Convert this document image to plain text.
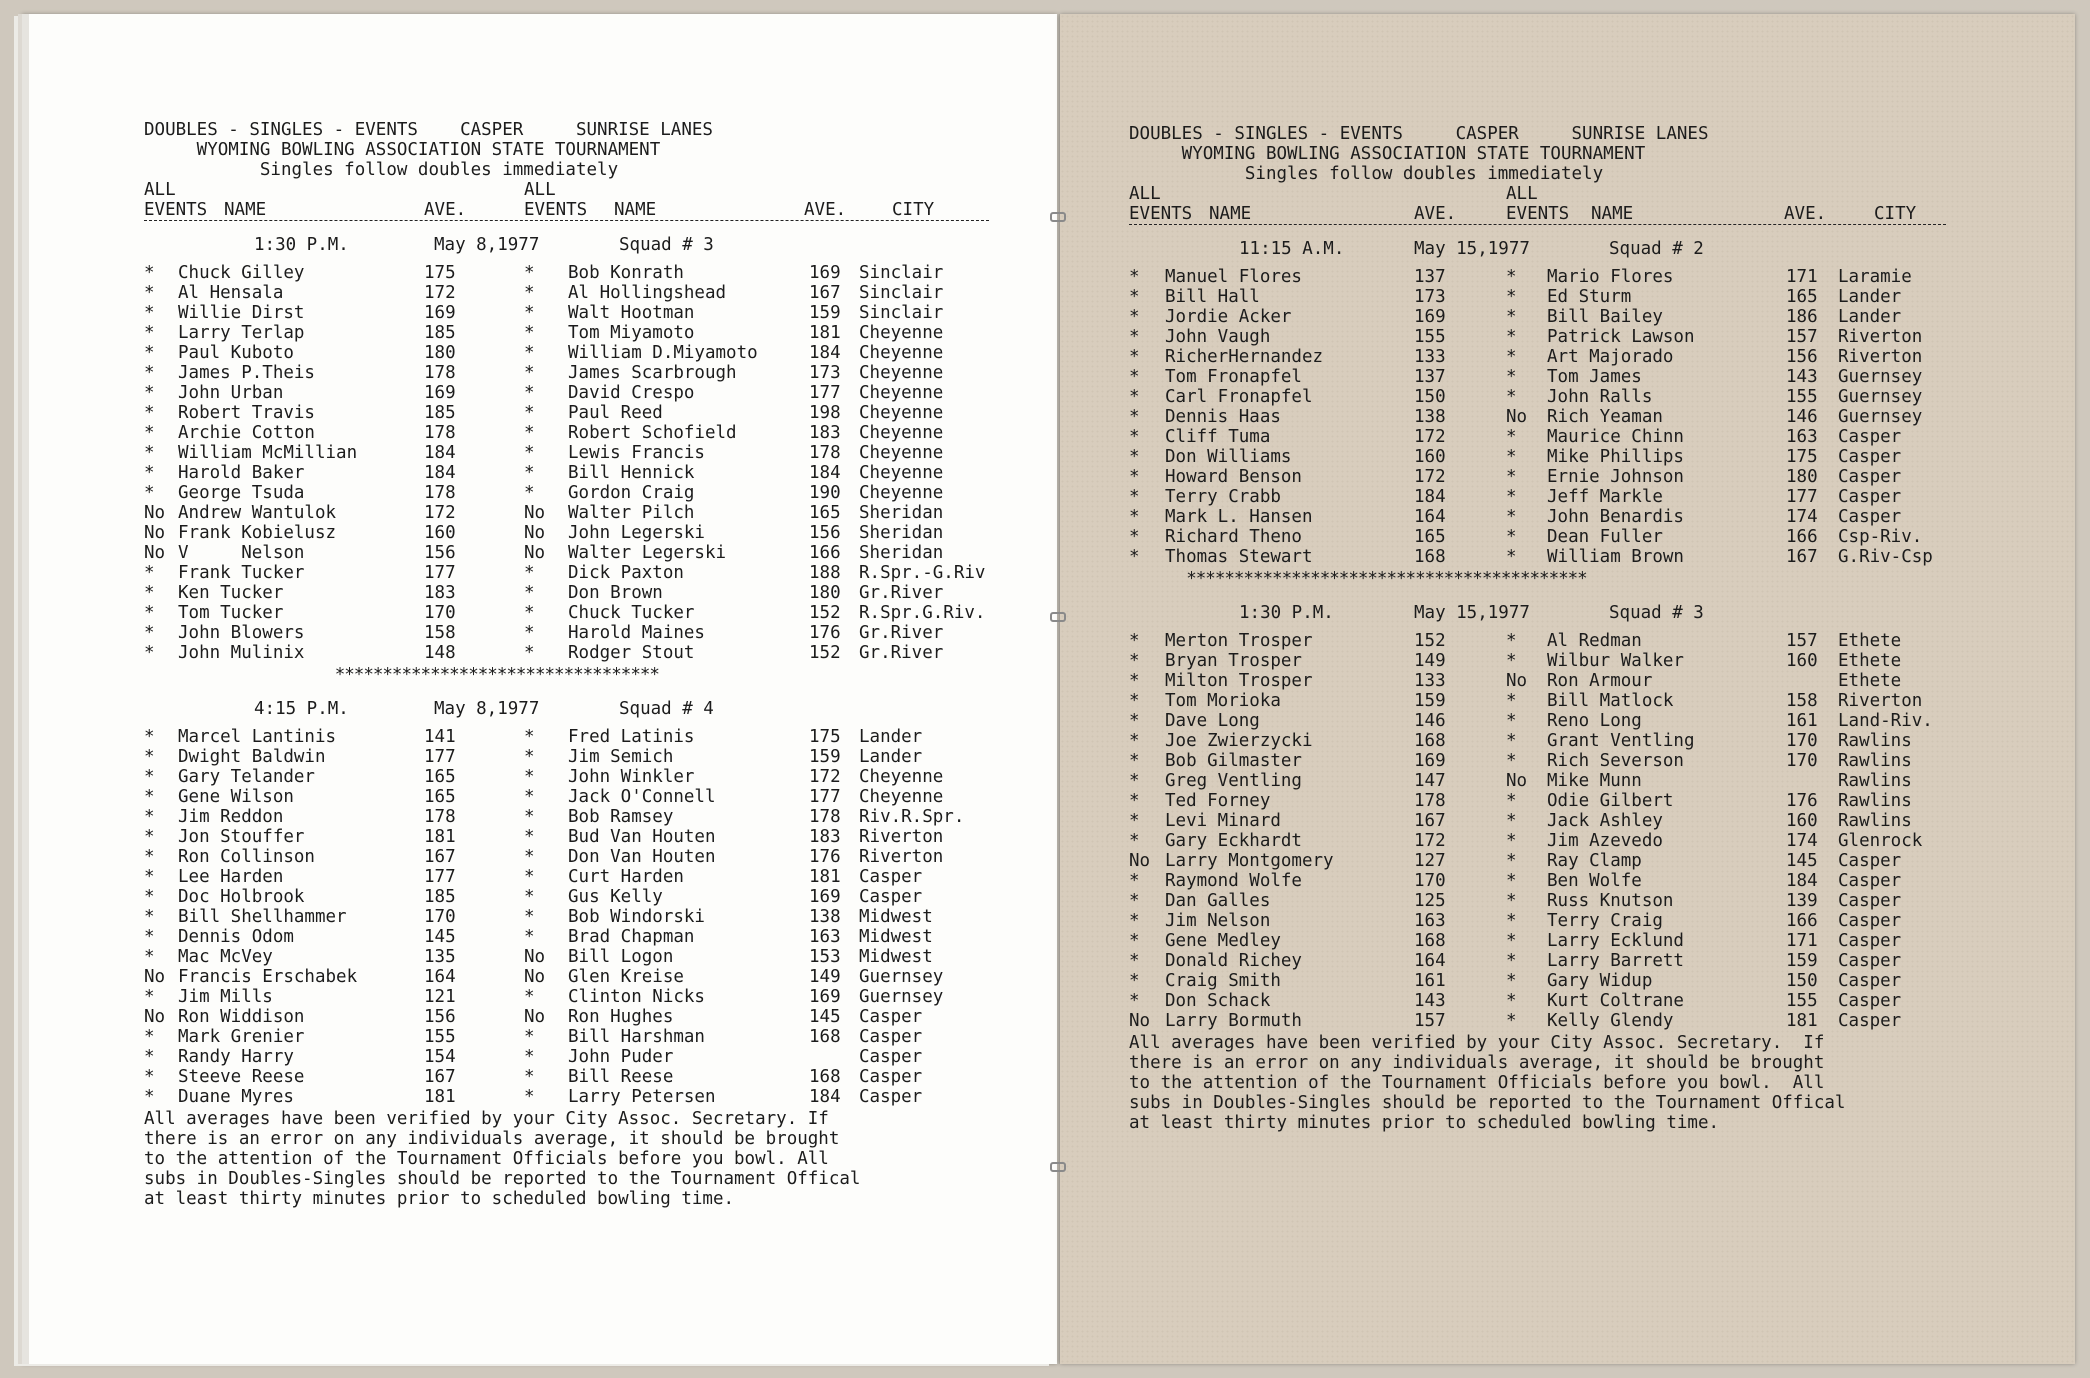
DOUBLES - SINGLES - EVENTS    CASPER     SUNRISE LANES
WYOMING BOWLING ASSOCIATION STATE TOURNAMENT
Singles follow doubles immediately
ALL
EVENTS NAME	AVE.
ALL
EVENTS NAME	AVE.	CITY
1:30 P.M.	May 8,1977	Squad # 3
* Chuck Gilley	175	* Bob Konrath	169 Sinclair
* Al Hensala	172	* Al Hollingshead	167 Sinclair
* Willie Dirst	169	* Walt Hootman	159 Sinclair
* Larry Terlap	185	* Tom Miyamoto	181 Cheyenne
* Paul Kuboto	180	* William D.Miyamoto	184 Cheyenne
* James P.Theis	178	* James Scarbrough	173 Cheyenne
* John Urban	169	* David Crespo	177 Cheyenne
* Robert Travis	185	* Paul Reed	198 Cheyenne
* Archie Cotton	178	* Robert Schofield	183 Cheyenne
* William McMillian	184	* Lewis Francis	178 Cheyenne
* Harold Baker	184	* Bill Hennick	184 Cheyenne
* George Tsuda	178	* Gordon Craig	190 Cheyenne
No Andrew Wantulok	172	No Walter Pilch	165 Sheridan
No Frank Kobielusz	160	No John Legerski	156 Sheridan
No V     Nelson	156	No Walter Legerski	166 Sheridan
* Frank Tucker	177	* Dick Paxton	188 R.Spr.-G.Riv
* Ken Tucker	183	* Don Brown	180 Gr.River
* Tom Tucker	170	* Chuck Tucker	152 R.Spr.G.Riv.
* John Blowers	158	* Harold Maines	176 Gr.River
* John Mulinix	148	* Rodger Stout	152 Gr.River
**********************************
4:15 P.M.	May 8,1977	Squad # 4
* Marcel Lantinis	141	* Fred Latinis	175 Lander
* Dwight Baldwin	177	* Jim Semich	159 Lander
* Gary Telander	165	* John Winkler	172 Cheyenne
* Gene Wilson	165	* Jack O'Connell	177 Cheyenne
* Jim Reddon	178	* Bob Ramsey	178 Riv.R.Spr.
* Jon Stouffer	181	* Bud Van Houten	183 Riverton
* Ron Collinson	167	* Don Van Houten	176 Riverton
* Lee Harden	177	* Curt Harden	181 Casper
* Doc Holbrook	185	* Gus Kelly	169 Casper
* Bill Shellhammer	170	* Bob Windorski	138 Midwest
* Dennis Odom	145	* Brad Chapman	163 Midwest
* Mac McVey	135	No Bill Logon	153 Midwest
No Francis Erschabek	164	No Glen Kreise	149 Guernsey
* Jim Mills	121	* Clinton Nicks	169 Guernsey
No Ron Widdison	156	No Ron Hughes	145 Casper
* Mark Grenier	155	* Bill Harshman	168 Casper
* Randy Harry	154	* John Puder	Casper
* Steeve Reese	167	* Bill Reese	168 Casper
* Duane Myres	181	* Larry Petersen	184 Casper
All averages have been verified by your City Assoc. Secretary. If
there is an error on any individuals average, it should be brought
to the attention of the Tournament Officials before you bowl. All
subs in Doubles-Singles should be reported to the Tournament Offical
at least thirty minutes prior to scheduled bowling time.
DOUBLES - SINGLES - EVENTS     CASPER     SUNRISE LANES
WYOMING BOWLING ASSOCIATION STATE TOURNAMENT
Singles follow doubles immediately
ALL
EVENTS NAME	AVE.
ALL
EVENTS NAME	AVE.	CITY
11:15 A.M.	May 15,1977	Squad # 2
* Manuel Flores	137	* Mario Flores	171 Laramie
* Bill Hall	173	* Ed Sturm	165 Lander
* Jordie Acker	169	* Bill Bailey	186 Lander
* John Vaugh	155	* Patrick Lawson	157 Riverton
* RicherHernandez	133	* Art Majorado	156 Riverton
* Tom Fronapfel	137	* Tom James	143 Guernsey
* Carl Fronapfel	150	* John Ralls	155 Guernsey
* Dennis Haas	138	No Rich Yeaman	146 Guernsey
* Cliff Tuma	172	* Maurice Chinn	163 Casper
* Don Williams	160	* Mike Phillips	175 Casper
* Howard Benson	172	* Ernie Johnson	180 Casper
* Terry Crabb	184	* Jeff Markle	177 Casper
* Mark L. Hansen	164	* John Benardis	174 Casper
* Richard Theno	165	* Dean Fuller	166 Csp-Riv.
* Thomas Stewart	168	* William Brown	167 G.Riv-Csp
******************************************
1:30 P.M.	May 15,1977	Squad # 3
* Merton Trosper	152	* Al Redman	157 Ethete
* Bryan Trosper	149	* Wilbur Walker	160 Ethete
* Milton Trosper	133	No Ron Armour	Ethete
* Tom Morioka	159	* Bill Matlock	158 Riverton
* Dave Long	146	* Reno Long	161 Land-Riv.
* Joe Zwierzycki	168	* Grant Ventling	170 Rawlins
* Bob Gilmaster	169	* Rich Severson	170 Rawlins
* Greg Ventling	147	No Mike Munn	Rawlins
* Ted Forney	178	* Odie Gilbert	176 Rawlins
* Levi Minard	167	* Jack Ashley	160 Rawlins
* Gary Eckhardt	172	* Jim Azevedo	174 Glenrock
No Larry Montgomery	127	* Ray Clamp	145 Casper
* Raymond Wolfe	170	* Ben Wolfe	184 Casper
* Dan Galles	125	* Russ Knutson	139 Casper
* Jim Nelson	163	* Terry Craig	166 Casper
* Gene Medley	168	* Larry Ecklund	171 Casper
* Donald Richey	164	* Larry Barrett	159 Casper
* Craig Smith	161	* Gary Widup	150 Casper
* Don Schack	143	* Kurt Coltrane	155 Casper
No Larry Bormuth	157	* Kelly Glendy	181 Casper
All averages have been verified by your City Assoc. Secretary.  If
there is an error on any individuals average, it should be brought
to the attention of the Tournament Officials before you bowl.  All
subs in Doubles-Singles should be reported to the Tournament Offical
at least thirty minutes prior to scheduled bowling time.
